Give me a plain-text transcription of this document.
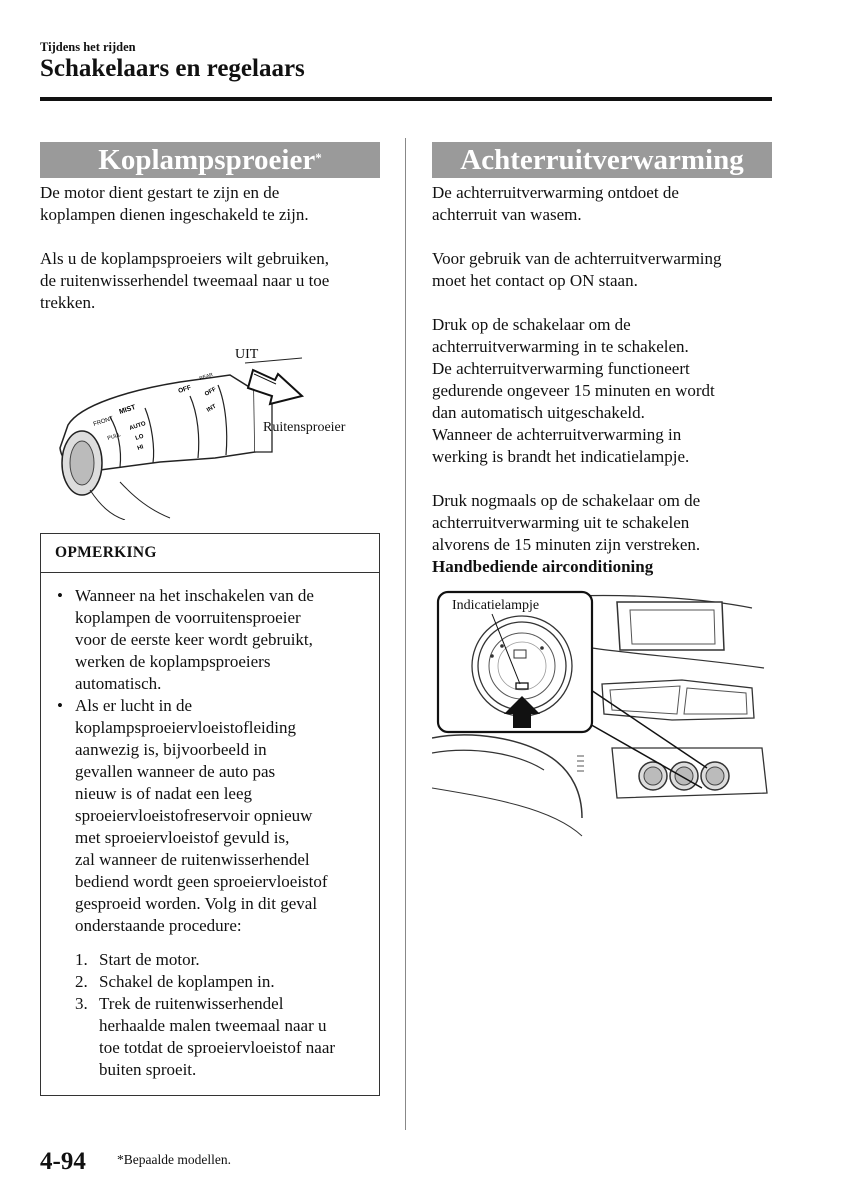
Tijdens het rijden
Schakelaars en regelaars
Koplampsproeier*

De motor dient gestart te zijn en de

koplampen dienen ingeschakeld te zijn.

Als u de koplampsproeiers wilt gebruiken,

de ruitenwisserhendel tweemaal naar u toe

trekken.

FRONT
MIST
OFF
PULL
AUTO
LO
HI
OFF
INT
REAR
UIT
Ruitensproeier
OPMERKING
• Wanneer na het inschakelen van de
koplampen de voorruitensproeier
voor de eerste keer wordt gebruikt,
werken de koplampsproeiers
automatisch.
• Als er lucht in de
koplampsproeiervloeistofleiding
aanwezig is, bijvoorbeeld in
gevallen wanneer de auto pas
nieuw is of nadat een leeg
sproeiervloeistofreservoir opnieuw
met sproeiervloeistof gevuld is,
zal wanneer de ruitenwisserhendel
bediend wordt geen sproeiervloeistof
gesproeid worden. Volg in dit geval
onderstaande procedure:
1. Start de motor.
2. Schakel de koplampen in.
3. Trek de ruitenwisserhendel
herhaalde malen tweemaal naar u
toe totdat de sproeiervloeistof naar
buiten sproeit.
Achterruitverwarming

De achterruitverwarming ontdoet de

achterruit van wasem.

Voor gebruik van de achterruitverwarming

moet het contact op ON staan.

Druk op de schakelaar om de

achterruitverwarming in te schakelen.

De achterruitverwarming functioneert

gedurende ongeveer 15 minuten en wordt

dan automatisch uitgeschakeld.

Wanneer de achterruitverwarming in

werking is brandt het indicatielampje.

Druk nogmaals op de schakelaar om de

achterruitverwarming uit te schakelen

alvorens de 15 minuten zijn verstreken.

Handbediende airconditioning

Indicatielampje
4-94 *Bepaalde modellen.
